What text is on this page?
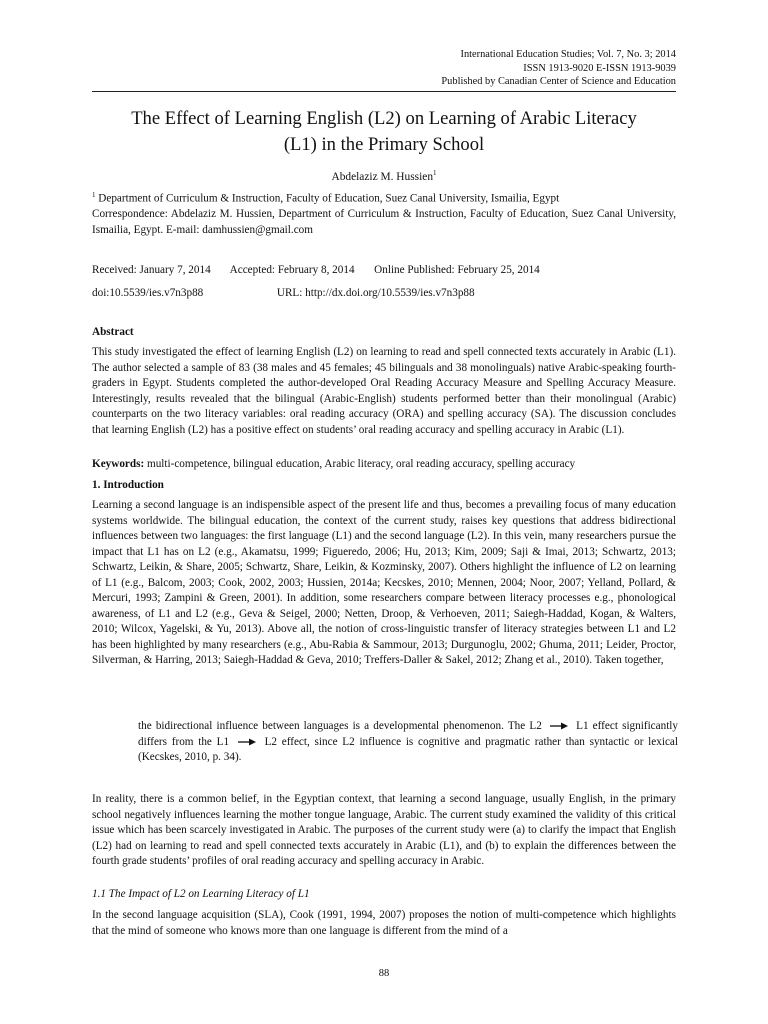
International Education Studies; Vol. 7, No. 3; 2014
ISSN 1913-9020 E-ISSN 1913-9039
Published by Canadian Center of Science and Education
The Effect of Learning English (L2) on Learning of Arabic Literacy
(L1) in the Primary School
Abdelaziz M. Hussien$^1$
$^1$ Department of Curriculum & Instruction, Faculty of Education, Suez Canal University, Ismailia, Egypt
Correspondence: Abdelaziz M. Hussien, Department of Curriculum & Instruction, Faculty of Education, Suez Canal University, Ismailia, Egypt. E-mail: damhussien@gmail.com
Received: January 7, 2014 Accepted: February 8, 2014 Online Published: February 25, 2014
doi:10.5539/ies.v7n3p88	URL: http://dx.doi.org/10.5539/ies.v7n3p88
Abstract
This study investigated the effect of learning English (L2) on learning to read and spell connected texts accurately in Arabic (L1). The author selected a sample of 83 (38 males and 45 females; 45 bilinguals and 38 monolinguals) native Arabic-speaking fourth-graders in Egypt. Students completed the author-developed Oral Reading Accuracy Measure and Spelling Accuracy Measure. Interestingly, results revealed that the bilingual (Arabic-English) students performed better than their monolingual (Arabic) counterparts on the two literacy variables: oral reading accuracy (ORA) and spelling accuracy (SA). The discussion concludes that learning English (L2) has a positive effect on students’ oral reading accuracy and spelling accuracy in Arabic (L1).
Keywords: multi-competence, bilingual education, Arabic literacy, oral reading accuracy, spelling accuracy
1. Introduction
Learning a second language is an indispensible aspect of the present life and thus, becomes a prevailing focus of many education systems worldwide. The bilingual education, the context of the current study, raises key questions that address bidirectional influences between two languages: the first language (L1) and the second language (L2). In this vein, many researchers pursue the impact that L1 has on L2 (e.g., Akamatsu, 1999; Figueredo, 2006; Hu, 2013; Kim, 2009; Saji & Imai, 2013; Schwartz, 2013; Schwartz, Leikin, & Share, 2005; Schwartz, Share, Leikin, & Kozminsky, 2007). Others highlight the influence of L2 on learning of L1 (e.g., Balcom, 2003; Cook, 2002, 2003; Hussien, 2014a; Kecskes, 2010; Mennen, 2004; Noor, 2007; Yelland, Pollard, & Mercuri, 1993; Zampini & Green, 2001). In addition, some researchers compare between literacy processes e.g., phonological awareness, of L1 and L2 (e.g., Geva & Seigel, 2000; Netten, Droop, & Verhoeven, 2011; Saiegh-Haddad, Kogan, & Walters, 2010; Wilcox, Yagelski, & Yu, 2013). Above all, the notion of cross-linguistic transfer of literacy strategies between L1 and L2 has been highlighted by many researchers (e.g., Abu-Rabia & Sammour, 2013; Durgunoglu, 2002; Ghuma, 2011; Leider, Proctor, Silverman, & Harring, 2013; Saiegh-Haddad & Geva, 2010; Treffers-Daller & Sakel, 2012; Zhang et al., 2010). Taken together,
the bidirectional influence between languages is a developmental phenomenon. The L2	L1 effect significantly differs from the L1	L2 effect, since L2 influence is cognitive and pragmatic rather than syntactic or lexical (Kecskes, 2010, p. 34).
In reality, there is a common belief, in the Egyptian context, that learning a second language, usually English, in the primary school negatively influences learning the mother tongue language, Arabic. The current study examined the validity of this critical issue which has been scarcely investigated in Arabic. The purposes of the current study were (a) to clarify the impact that English (L2) had on learning to read and spell connected texts accurately in Arabic (L1), and (b) to explain the differences between the fourth grade students’ profiles of oral reading accuracy and spelling accuracy in Arabic.
1.1 The Impact of L2 on Learning Literacy of L1
In the second language acquisition (SLA), Cook (1991, 1994, 2007) proposes the notion of multi-competence which highlights that the mind of someone who knows more than one language is different from the mind of a
88
